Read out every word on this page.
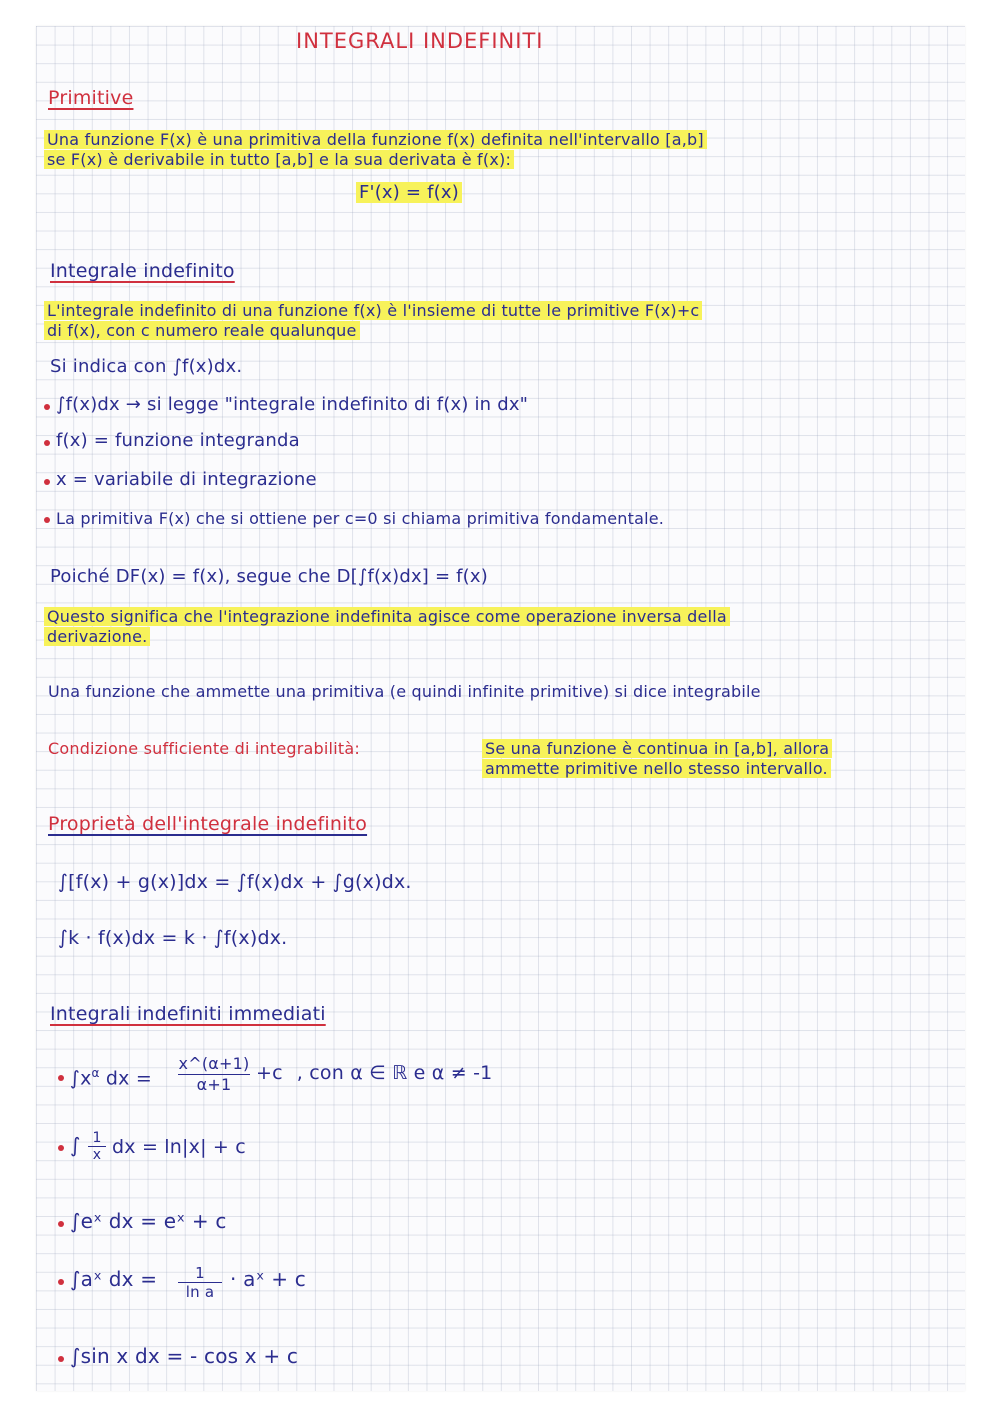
INTEGRALI INDEFINITI
Primitive
Una funzione F(x) è una primitiva della funzione f(x) definita nell'intervallo [a,b]
se F(x) è derivabile in tutto [a,b] e la sua derivata è f(x):
F'(x) = f(x)
Integrale indefinito
L'integrale indefinito di una funzione f(x) è l'insieme di tutte le primitive F(x)+c
di f(x), con c numero reale qualunque
Si indica con ∫f(x)dx.
∫f(x)dx → si legge "integrale indefinito di f(x) in dx"
f(x) = funzione integranda
x = variabile di integrazione
La primitiva F(x) che si ottiene per c=0 si chiama primitiva fondamentale.
Poiché DF(x) = f(x), segue che D[∫f(x)dx] = f(x)
Questo significa che l'integrazione indefinita agisce come operazione inversa della
derivazione.
Una funzione che ammette una primitiva (e quindi infinite primitive) si dice integrabile
Condizione sufficiente di integrabilità:	Se una funzione è continua in [a,b], allora
ammette primitive nello stesso intervallo.
Proprietà dell'integrale indefinito
∫[f(x) + g(x)]dx = ∫f(x)dx + ∫g(x)dx.
∫k · f(x)dx = k · ∫f(x)dx.
Integrali indefiniti immediati
$\int x^\alpha$ dx =
x^(α+1)
α+1
+c , con α ∈ ℝ e α ≠ -1
∫ 1
x dx = ln|x| + c
∫eˣ dx = eˣ + c
∫aˣ dx =	1
ln a
· aˣ + c
∫sin x dx = - cos x + c
